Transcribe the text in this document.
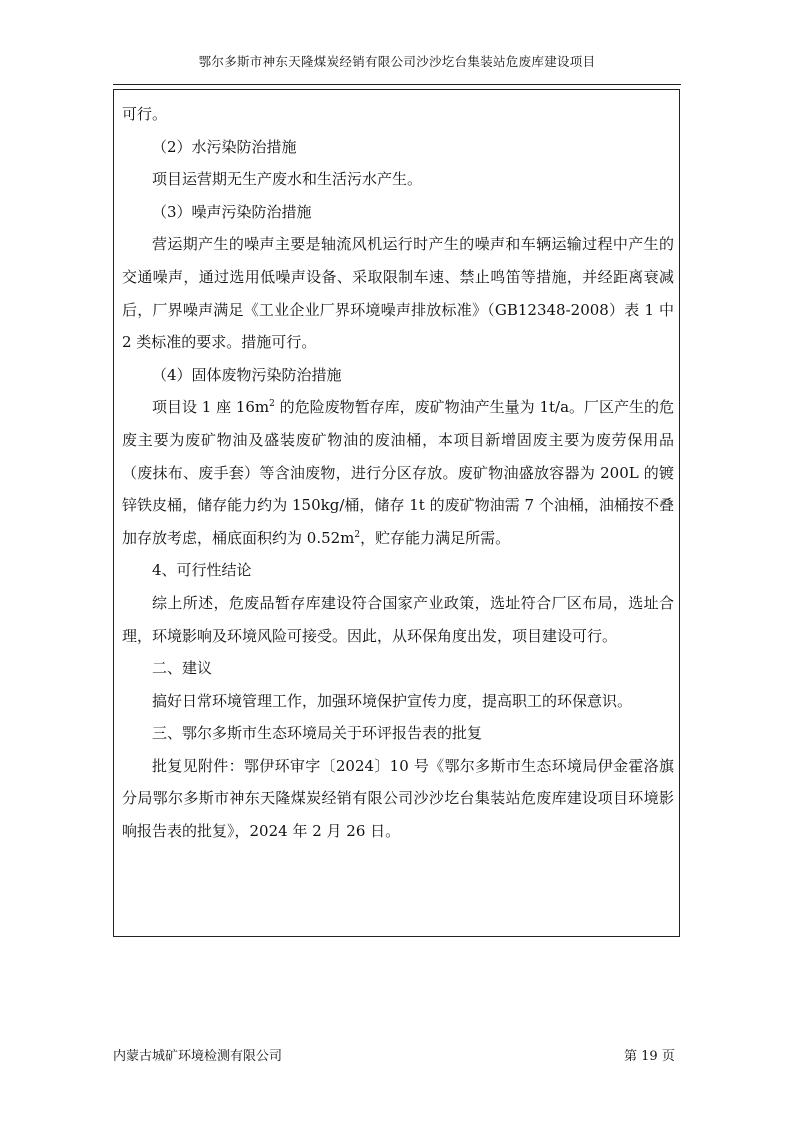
鄂尔多斯市神东天隆煤炭经销有限公司沙沙圪台集装站危废库建设项目

可行。

（2）水污染防治措施

项目运营期无生产废水和生活污水产生。

（3）噪声污染防治措施

营运期产生的噪声主要是轴流风机运行时产生的噪声和车辆运输过程中产生的交通噪声，通过选用低噪声设备、采取限制车速、禁止鸣笛等措施，并经距离衰减后，厂界噪声满足《工业企业厂界环境噪声排放标准》（GB12348-2008）表 1 中 2 类标准的要求。措施可行。

（4）固体废物污染防治措施

项目设 1 座 $16m^2$ 的危险废物暂存库，废矿物油产生量为 1t/a。厂区产生的危废主要为废矿物油及盛装废矿物油的废油桶，本项目新增固废主要为废劳保用品（废抹布、废手套）等含油废物，进行分区存放。废矿物油盛放容器为 200L 的镀锌铁皮桶，储存能力约为 150kg/桶，储存 1t 的废矿物油需 7 个油桶，油桶按不叠加存放考虑，桶底面积约为 $0.52m^2$，贮存能力满足所需。

4、可行性结论

综上所述，危废品暂存库建设符合国家产业政策，选址符合厂区布局，选址合理，环境影响及环境风险可接受。因此，从环保角度出发，项目建设可行。

二、建议

搞好日常环境管理工作，加强环境保护宣传力度，提高职工的环保意识。

三、鄂尔多斯市生态环境局关于环评报告表的批复

批复见附件：鄂伊环审字〔2024〕10 号《鄂尔多斯市生态环境局伊金霍洛旗分局鄂尔多斯市神东天隆煤炭经销有限公司沙沙圪台集装站危废库建设项目环境影响报告表的批复》，2024 年 2 月 26 日。

内蒙古城矿环境检测有限公司	第 19 页
